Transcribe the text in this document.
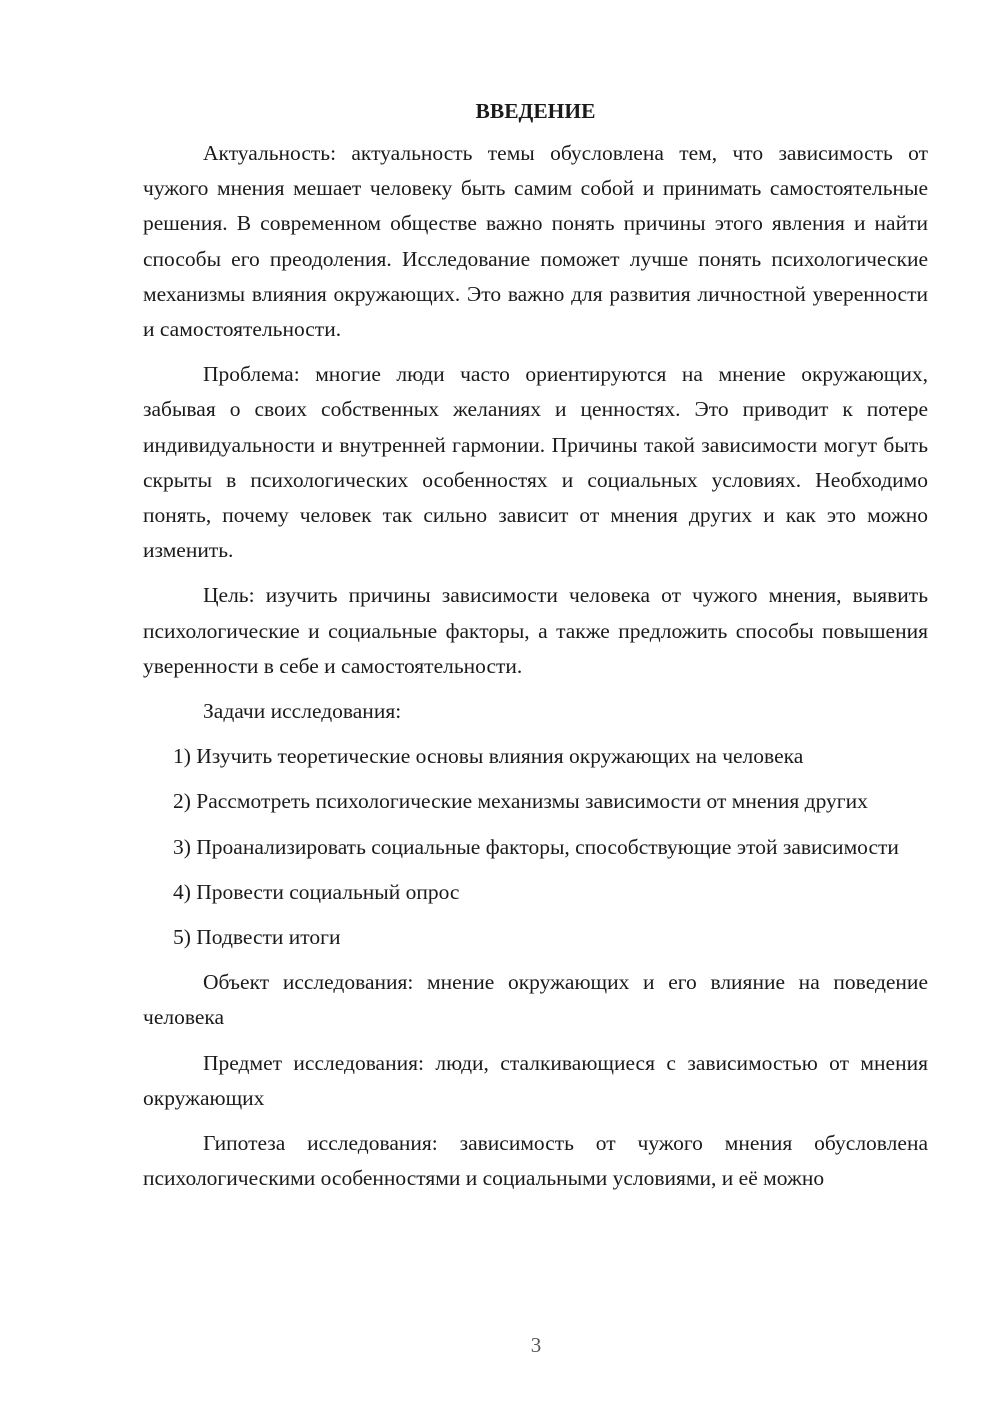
ВВЕДЕНИЕ

Актуальность: актуальность темы обусловлена тем, что зависимость от чужого мнения мешает человеку быть самим собой и принимать самостоятельные решения. В современном обществе важно понять причины этого явления и найти способы его преодоления. Исследование поможет лучше понять психологические механизмы влияния окружающих. Это важно для развития личностной уверенности и самостоятельности.

Проблема: многие люди часто ориентируются на мнение окружающих, забывая о своих собственных желаниях и ценностях. Это приводит к потере индивидуальности и внутренней гармонии. Причины такой зависимости могут быть скрыты в психологических особенностях и социальных условиях. Необходимо понять, почему человек так сильно зависит от мнения других и как это можно изменить.

Цель: изучить причины зависимости человека от чужого мнения, выявить психологические и социальные факторы, а также предложить способы повышения уверенности в себе и самостоятельности.

Задачи исследования:

1) Изучить теоретические основы влияния окружающих на человека

2) Рассмотреть психологические механизмы зависимости от мнения других

3) Проанализировать социальные факторы, способствующие этой зависимости

4) Провести социальный опрос

5) Подвести итоги

Объект исследования: мнение окружающих и его влияние на поведение человека

Предмет исследования: люди, сталкивающиеся с зависимостью от мнения окружающих

Гипотеза исследования: зависимость от чужого мнения обусловлена психологическими особенностями и социальными условиями, и её можно

3
